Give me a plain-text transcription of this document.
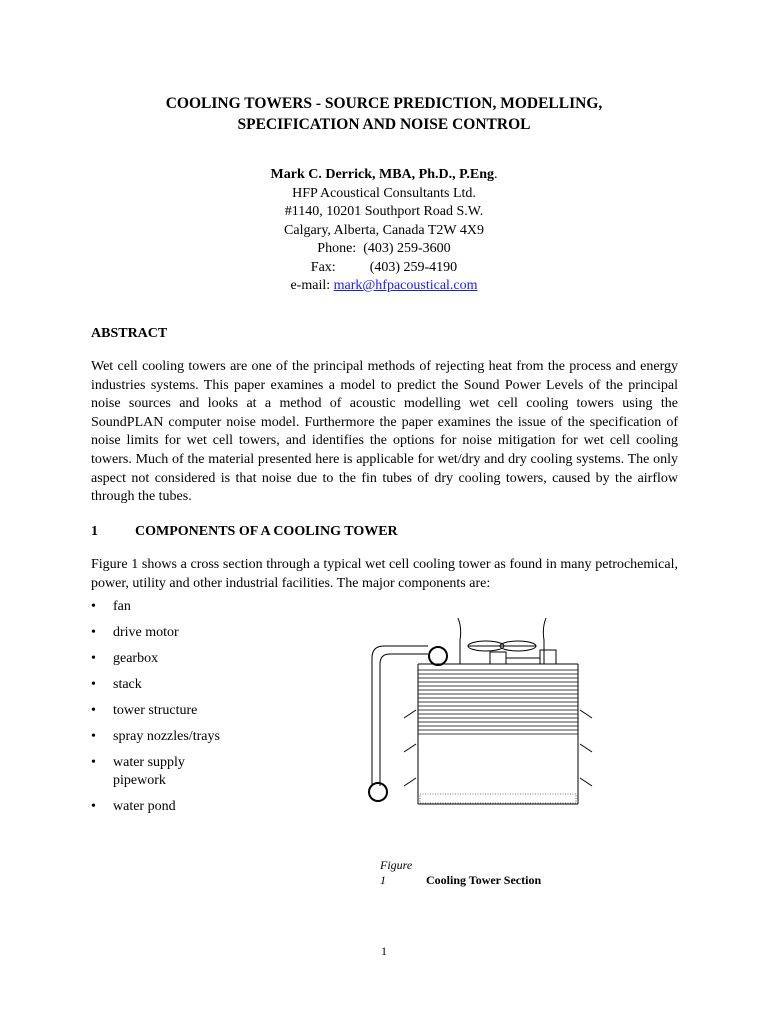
COOLING TOWERS - SOURCE PREDICTION, MODELLING,
SPECIFICATION AND NOISE CONTROL
Mark C. Derrick, MBA, Ph.D., P.Eng.
HFP Acoustical Consultants Ltd.
#1140, 10201 Southport Road S.W.
Calgary, Alberta, Canada T2W 4X9
Phone: (403) 259-3600
Fax: (403) 259-4190
e-mail: mark@hfpacoustical.com
ABSTRACT
Wet cell cooling towers are one of the principal methods of rejecting heat from the process and energy industries systems. This paper examines a model to predict the Sound Power Levels of the principal noise sources and looks at a method of acoustic modelling wet cell cooling towers using the SoundPLAN computer noise model. Furthermore the paper examines the issue of the specification of noise limits for wet cell towers, and identifies the options for noise mitigation for wet cell cooling towers. Much of the material presented here is applicable for wet/dry and dry cooling systems. The only aspect not considered is that noise due to the fin tubes of dry cooling towers, caused by the airflow through the tubes.
1	COMPONENTS OF A COOLING TOWER
Figure 1 shows a cross section through a typical wet cell cooling tower as found in many petrochemical, power, utility and other industrial facilities. The major components are:
• fan
• drive motor
• gearbox
• stack
• tower structure
• spray nozzles/trays
• water supply pipework
• water pond
Figure 1	Cooling Tower Section
1
